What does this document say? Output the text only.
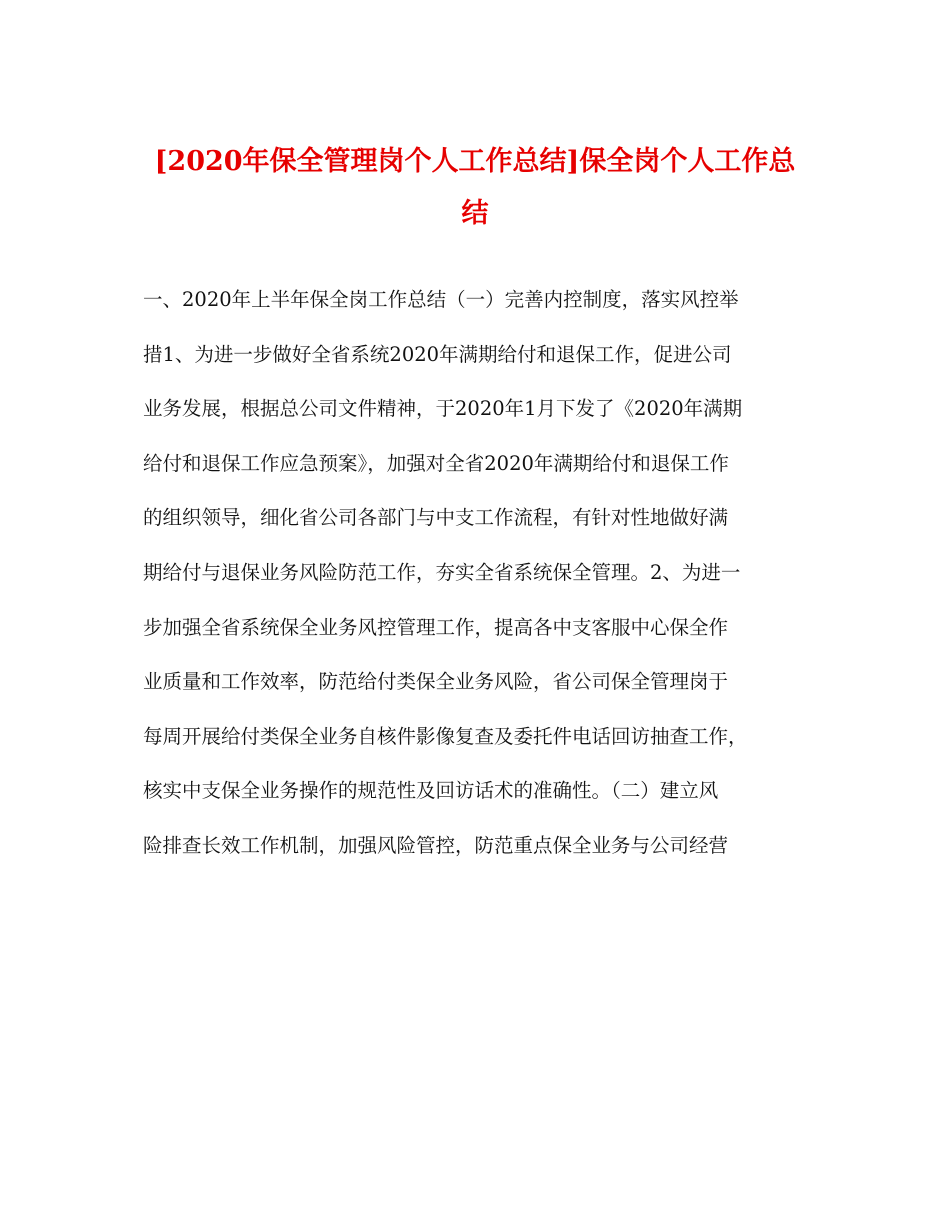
[2020年保全管理岗个人工作总结]保全岗个人工作总
结
一、2020年上半年保全岗工作总结（一）完善内控制度，落实风控举
措1、为进一步做好全省系统2020年满期给付和退保工作，促进公司
业务发展，根据总公司文件精神，于2020年1月下发了《2020年满期
给付和退保工作应急预案》，加强对全省2020年满期给付和退保工作
的组织领导，细化省公司各部门与中支工作流程，有针对性地做好满
期给付与退保业务风险防范工作，夯实全省系统保全管理。2、为进一
步加强全省系统保全业务风控管理工作，提高各中支客服中心保全作
业质量和工作效率，防范给付类保全业务风险，省公司保全管理岗于
每周开展给付类保全业务自核件影像复查及委托件电话回访抽查工作，
核实中支保全业务操作的规范性及回访话术的准确性。（二）建立风
险排查长效工作机制，加强风险管控，防范重点保全业务与公司经营
